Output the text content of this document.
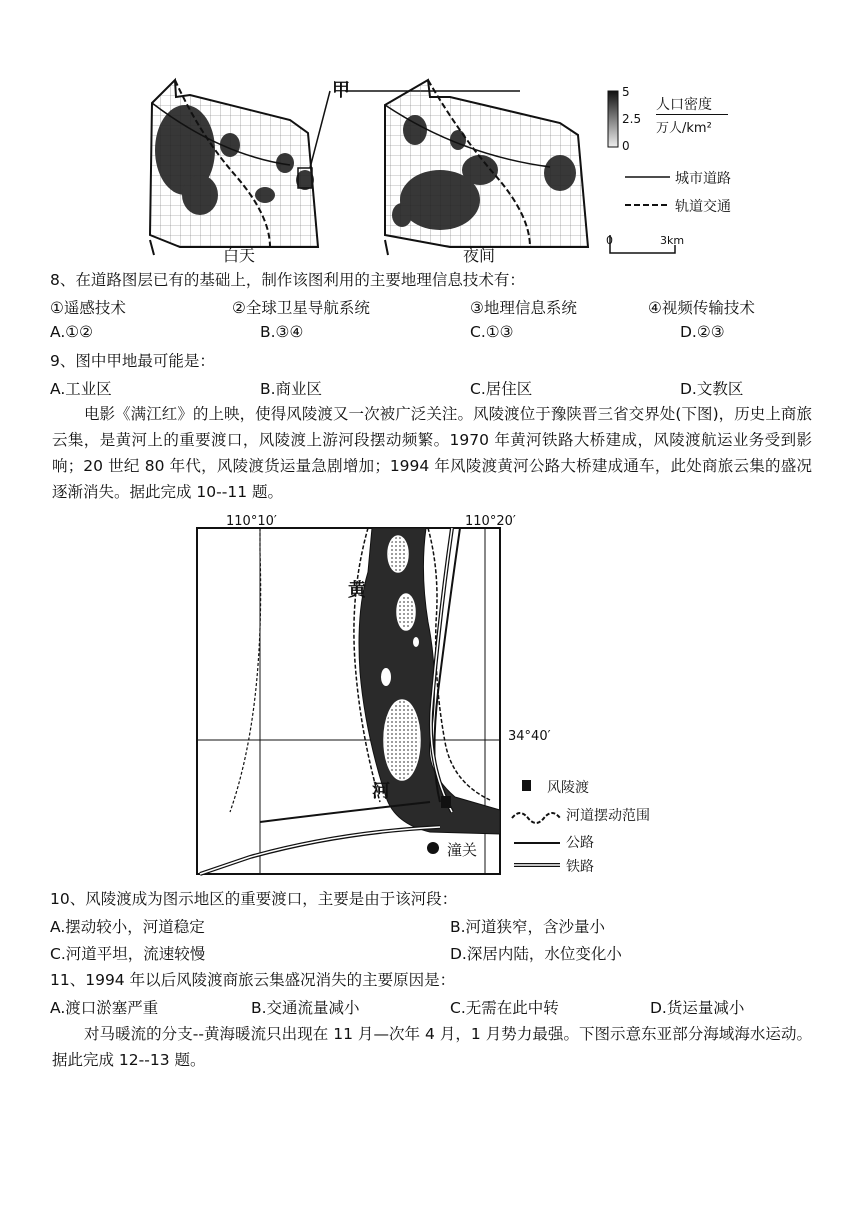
甲
白天	夜间
5
2.5
0
人口密度
万人/km²
城市道路
轨道交通
0	3km
8、在道路图层已有的基础上，制作该图利用的主要地理信息技术有：
①遥感技术	②全球卫星导航系统	③地理信息系统	④视频传输技术
A.①②	B.③④	C.①③	D.②③
9、图中甲地最可能是：
A.工业区	B.商业区	C.居住区	D.文教区
电影《满江红》的上映，使得风陵渡又一次被广泛关注。风陵渡位于豫陕晋三省交界处(下图)，历史上商旅云集，是黄河上的重要渡口，风陵渡上游河段摆动频繁。1970 年黄河铁路大桥建成，风陵渡航运业务受到影响；20 世纪 80 年代，风陵渡货运量急剧增加；1994 年风陵渡黄河公路大桥建成通车，此处商旅云集的盛况逐渐消失。据此完成 10--11 题。
110°10′	110°20′
34°40′
黄
河
潼关
风陵渡
河道摆动范围
公路
铁路
10、风陵渡成为图示地区的重要渡口，主要是由于该河段：
A.摆动较小，河道稳定	B.河道狭窄，含沙量小
C.河道平坦，流速较慢	D.深居内陆，水位变化小
11、1994 年以后风陵渡商旅云集盛况消失的主要原因是：
A.渡口淤塞严重	B.交通流量减小	C.无需在此中转	D.货运量减小
对马暖流的分支--黄海暖流只出现在 11 月—次年 4 月，1 月势力最强。下图示意东亚部分海域海水运动。据此完成 12--13 题。
